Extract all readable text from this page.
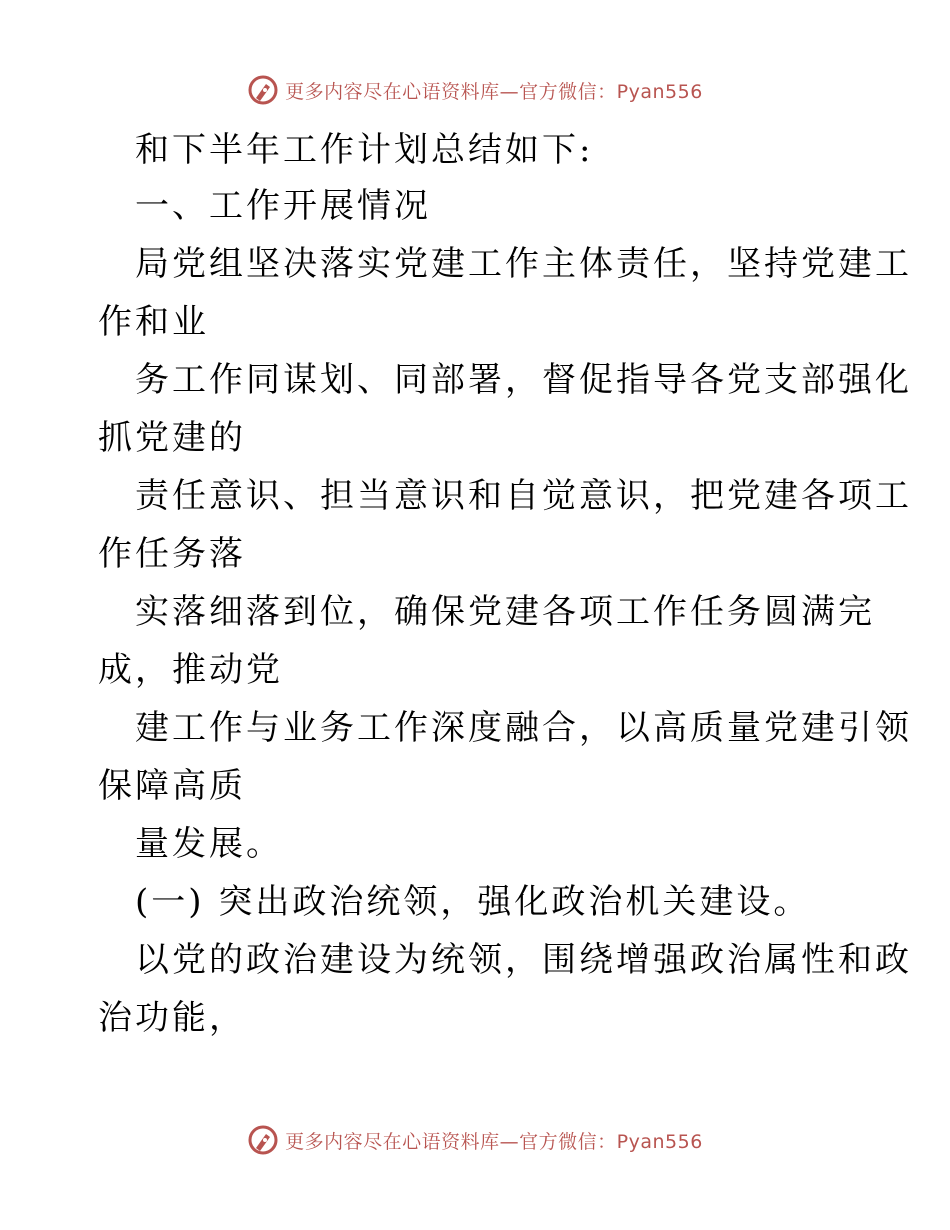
更多内容尽在心语资料库—官方微信：Pyan556
和下半年工作计划总结如下:
一、工作开展情况
局党组坚决落实党建工作主体责任，坚持党建工
作和业
务工作同谋划、同部署，督促指导各党支部强化
抓党建的
责任意识、担当意识和自觉意识，把党建各项工
作任务落
实落细落到位，确保党建各项工作任务圆满完
成，推动党
建工作与业务工作深度融合，以高质量党建引领
保障高质
量发展。
(一) 突出政治统领，强化政治机关建设。
以党的政治建设为统领，围绕增强政治属性和政
治功能，
更多内容尽在心语资料库—官方微信：Pyan556
